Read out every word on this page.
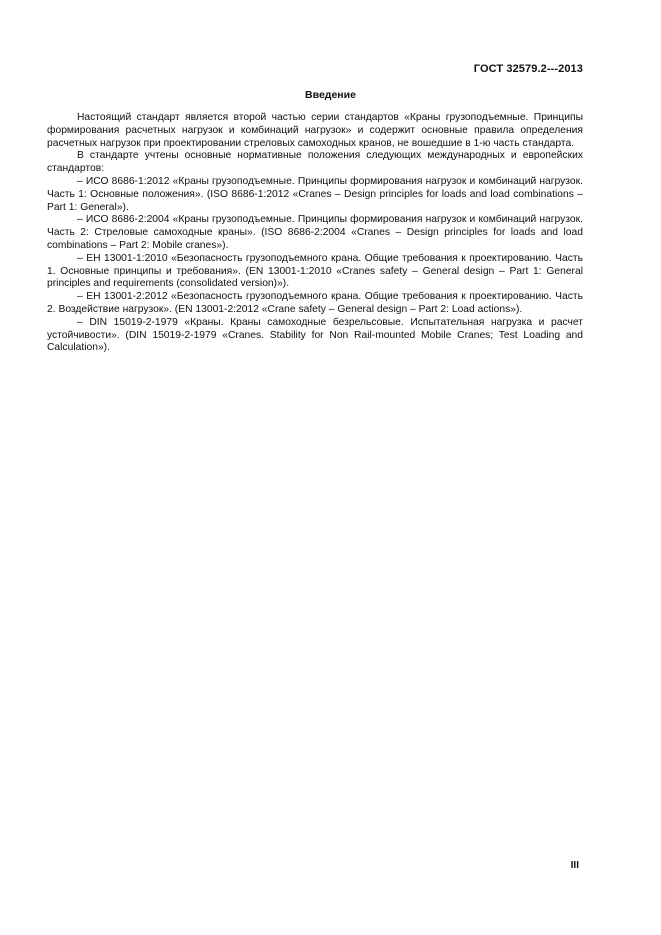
ГОСТ 32579.2---2013
Введение

Настоящий стандарт является второй частью серии стандартов «Краны грузоподъемные. Принципы формирования расчетных нагрузок и комбинаций нагрузок» и содержит основные правила определения расчетных нагрузок при проектировании стреловых самоходных кранов, не вошедшие в 1-ю часть стандарта.

В стандарте учтены основные нормативные положения следующих международных и европейских стандартов:

– ИСО 8686-1:2012 «Краны грузоподъемные. Принципы формирования нагрузок и комбинаций нагрузок. Часть 1: Основные положения». (ISO 8686-1:2012 «Cranes – Design principles for loads and load combinations – Part 1: General»).

– ИСО 8686-2:2004 «Краны грузоподъемные. Принципы формирования нагрузок и комбинаций нагрузок. Часть 2: Стреловые самоходные краны». (ISO 8686-2:2004 «Cranes – Design principles for loads and load combinations – Part 2: Mobile cranes»).

– ЕН 13001-1:2010 «Безопасность грузоподъемного крана. Общие требования к проектированию. Часть 1. Основные принципы и требования». (EN 13001-1:2010 «Cranes safety – General design – Part 1: General principles and requirements (consolidated version)»).

– ЕН 13001-2:2012 «Безопасность грузоподъемного крана. Общие требования к проектированию. Часть 2. Воздействие нагрузок». (EN 13001-2:2012 «Crane safety – General design – Part 2: Load actions»).

– DIN 15019-2-1979 «Краны. Краны самоходные безрельсовые. Испытательная нагрузка и расчет устойчивости». (DIN 15019-2-1979 «Cranes. Stability for Non Rail-mounted Mobile Cranes; Test Loading and Calculation»).

III
